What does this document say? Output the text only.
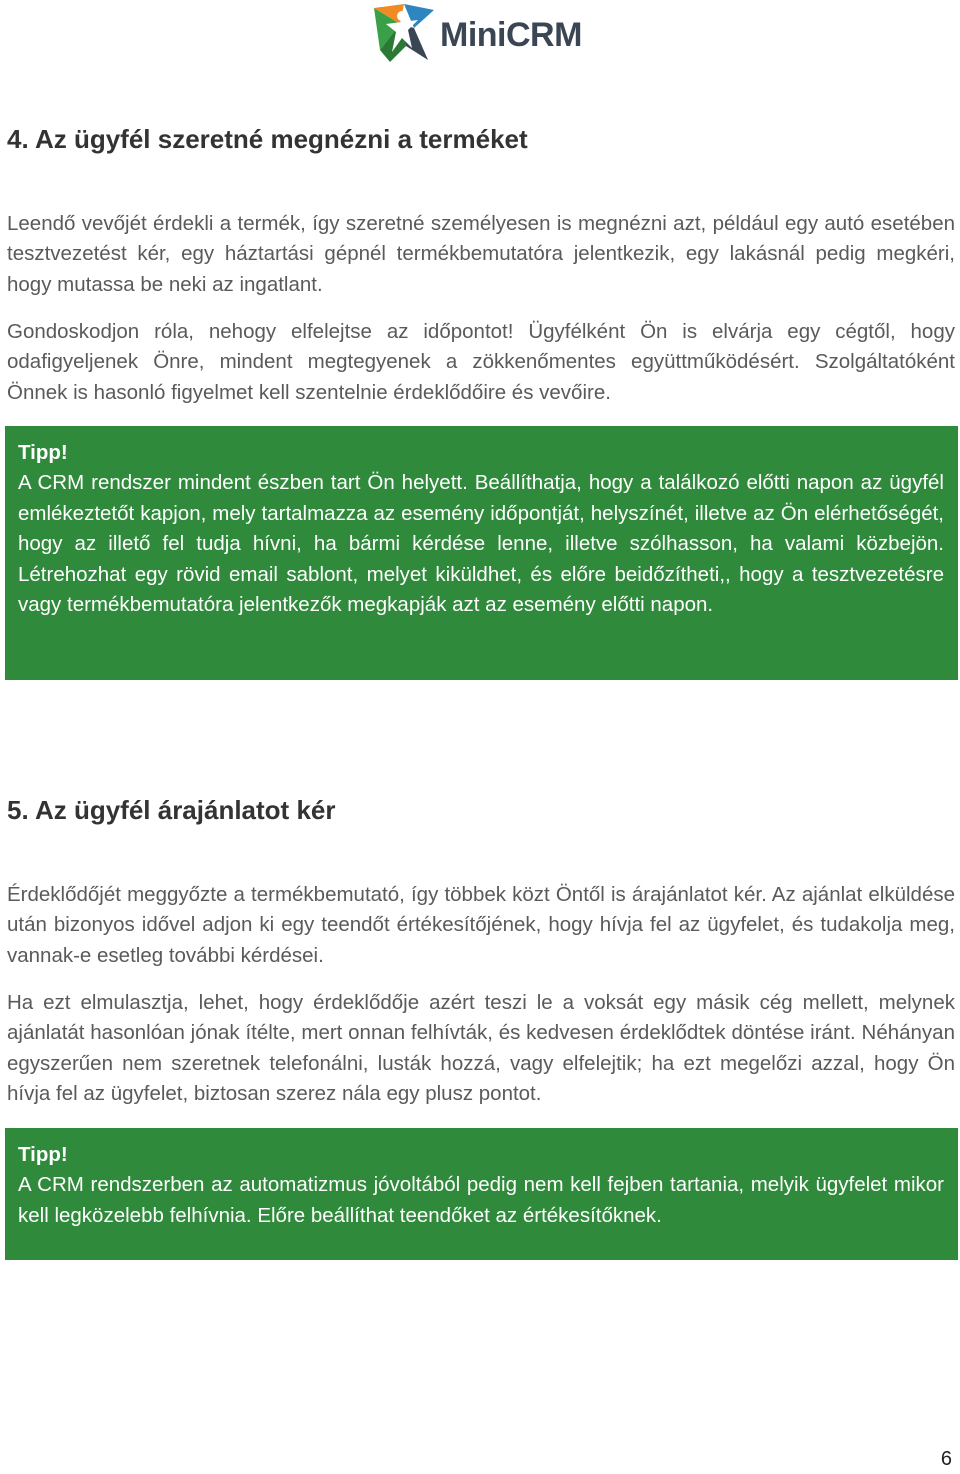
MiniCRM
4. Az ügyfél szeretné megnézni a terméket

Leendő vevőjét érdekli a termék, így szeretné személyesen is megnézni azt, például egy autó esetében tesztvezetést kér, egy háztartási gépnél termékbemutatóra jelentkezik, egy lakásnál pedig megkéri, hogy mutassa be neki az ingatlant.

Gondoskodjon róla, nehogy elfelejtse az időpontot! Ügyfélként Ön is elvárja egy cégtől, hogy odafigyeljenek Önre, mindent megtegyenek a zökkenőmentes együttműködésért. Szolgáltatóként Önnek is hasonló figyelmet kell szentelnie érdeklődőire és vevőire.

Tipp!
A CRM rendszer mindent észben tart Ön helyett. Beállíthatja, hogy a találkozó előtti napon az ügyfél emlékeztetőt kapjon, mely tartalmazza az esemény időpontját, helyszínét, illetve az Ön elérhetőségét, hogy az illető fel tudja hívni, ha bármi kérdése lenne, illetve szólhasson, ha valami közbejön. Létrehozhat egy rövid email sablont, melyet kiküldhet, és előre beidőzítheti,, hogy a tesztvezetésre vagy termékbemutatóra jelentkezők megkapják azt az esemény előtti napon.
5. Az ügyfél árajánlatot kér

Érdeklődőjét meggyőzte a termékbemutató, így többek közt Öntől is árajánlatot kér. Az ajánlat elküldése után bizonyos idővel adjon ki egy teendőt értékesítőjének, hogy hívja fel az ügyfelet, és tudakolja meg, vannak-e esetleg további kérdései.

Ha ezt elmulasztja, lehet, hogy érdeklődője azért teszi le a voksát egy másik cég mellett, melynek ajánlatát hasonlóan jónak ítélte, mert onnan felhívták, és kedvesen érdeklődtek döntése iránt. Néhányan egyszerűen nem szeretnek telefonálni, lusták hozzá, vagy elfelejtik; ha ezt megelőzi azzal, hogy Ön hívja fel az ügyfelet, biztosan szerez nála egy plusz pontot.

Tipp!
A CRM rendszerben az automatizmus jóvoltából pedig nem kell fejben tartania, melyik ügyfelet mikor kell legközelebb felhívnia. Előre beállíthat teendőket az értékesítőknek.
6
